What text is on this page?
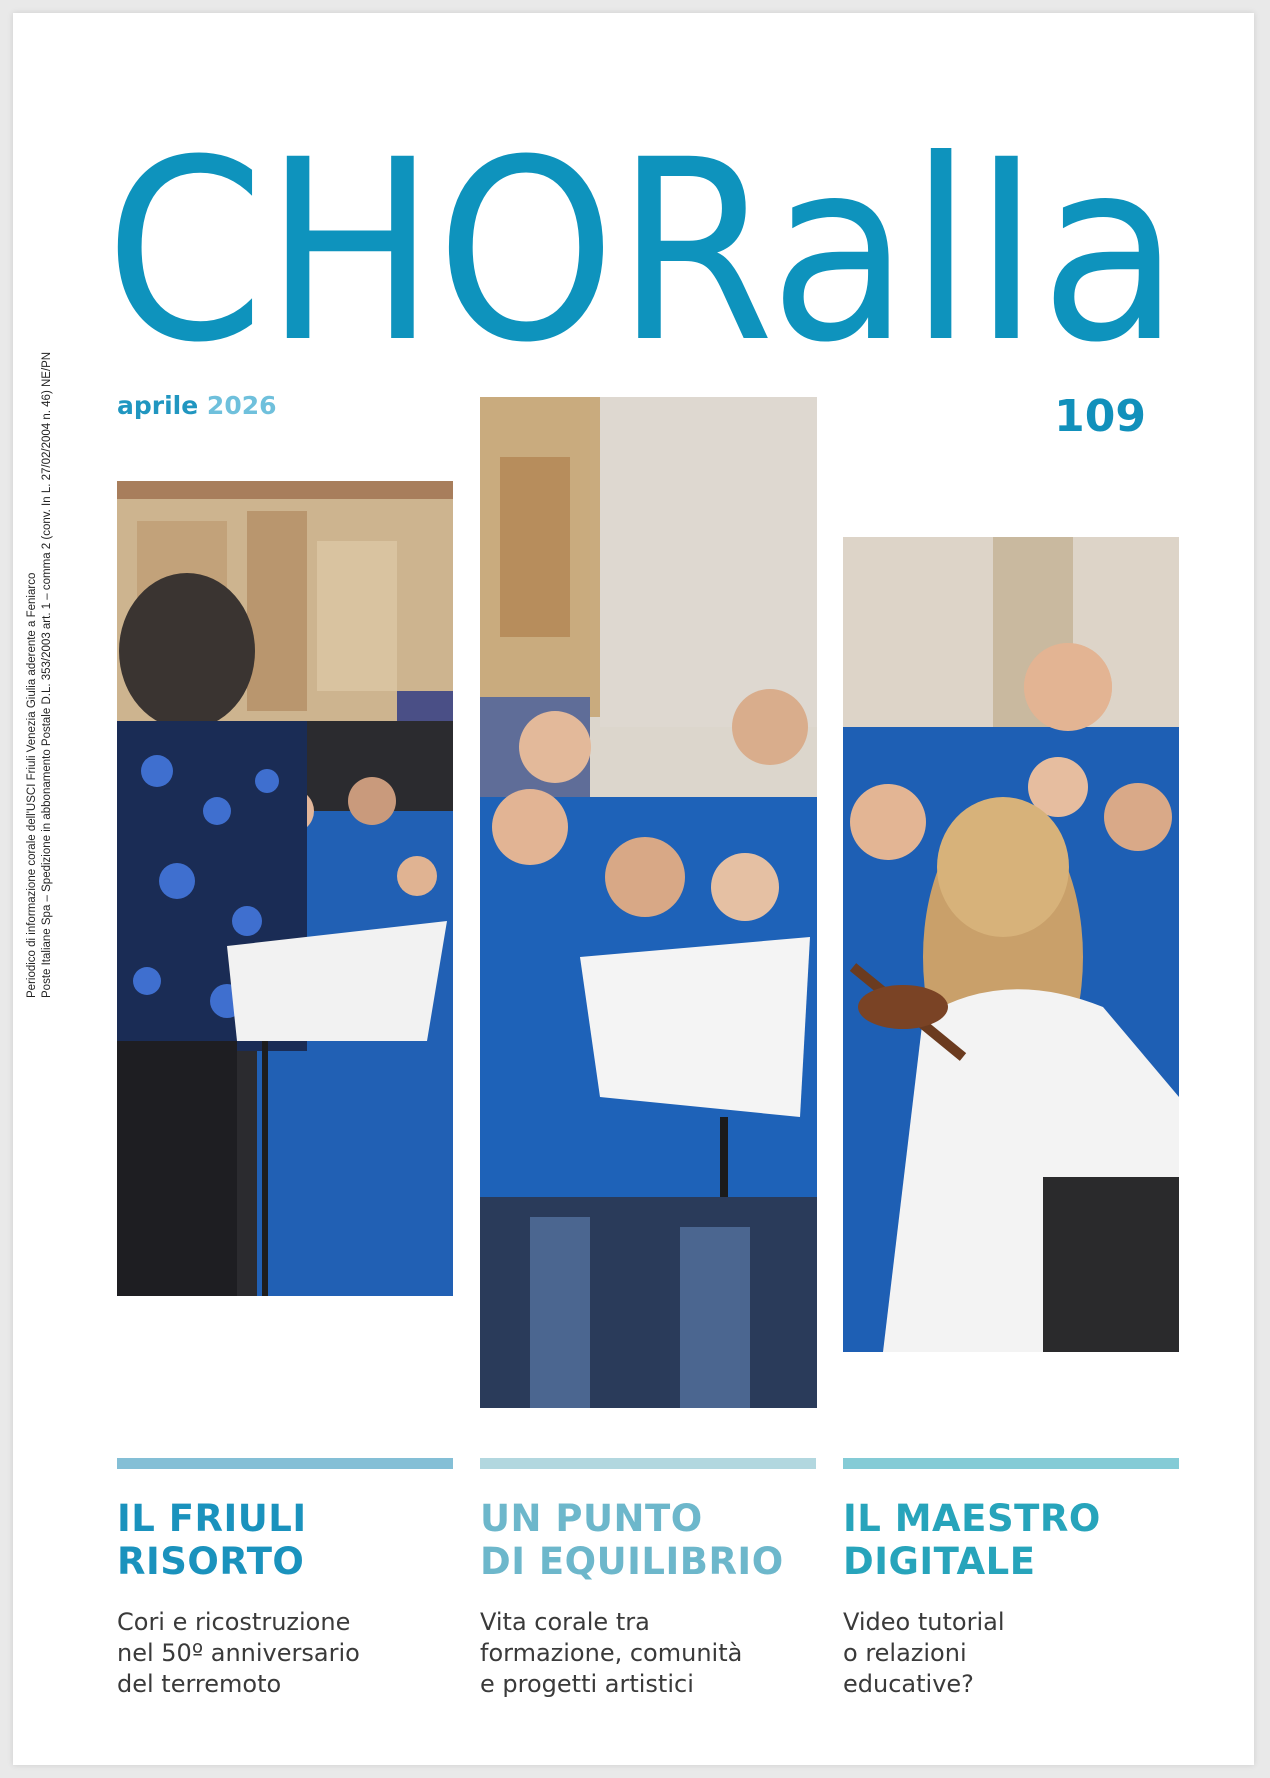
CHORalIa
aprile 2026	109
Periodico di informazione corale dell'USCI Friuli Venezia Giulia aderente a Feniarco Poste Italiane Spa – Spedizione in abbonamento Postale D.L. 353/2003 art. 1 – comma 2 (conv. In L. 27/02/2004 n. 46) NE/PN
IL FRIULI
RISORTO

Cori e ricostruzione
nel 50º anniversario
del terremoto

UN PUNTO
DI EQUILIBRIO

Vita corale tra
formazione, comunità
e progetti artistici

IL MAESTRO
DIGITALE

Video tutorial
o relazioni
educative?
